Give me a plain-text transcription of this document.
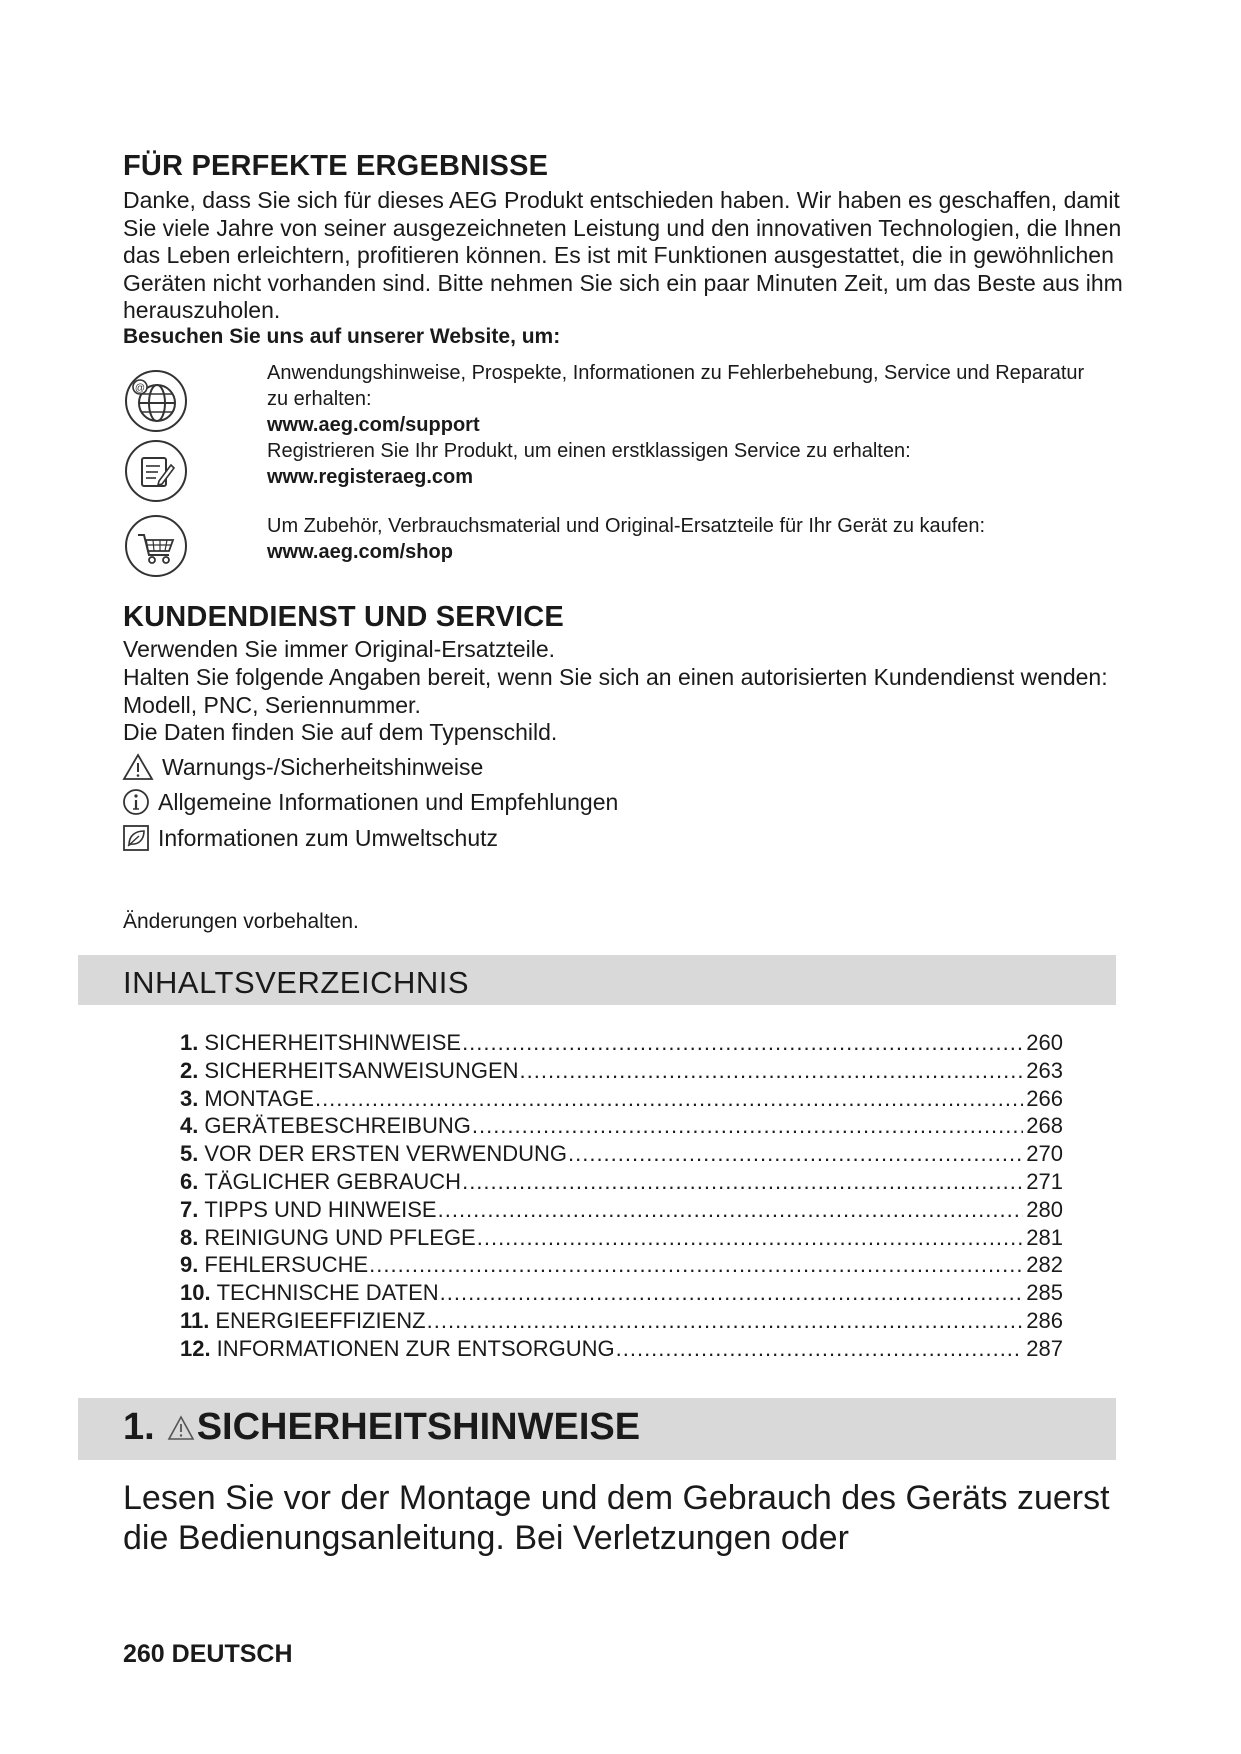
FÜR PERFEKTE ERGEBNISSE

Danke, dass Sie sich für dieses AEG Produkt entschieden haben. Wir haben es geschaffen, damit Sie viele Jahre von seiner ausgezeichneten Leistung und den innovativen Technologien, die Ihnen das Leben erleichtern, profitieren können. Es ist mit Funktionen ausgestattet, die in gewöhnlichen Geräten nicht vorhanden sind. Bitte nehmen Sie sich ein paar Minuten Zeit, um das Beste aus ihm herauszuholen.

Besuchen Sie uns auf unserer Website, um:

@
Anwendungshinweise, Prospekte, Informationen zu Fehlerbehebung, Service und Reparatur zu erhalten:
www.aeg.com/support
Registrieren Sie Ihr Produkt, um einen erstklassigen Service zu erhalten:
www.registeraeg.com
Um Zubehör, Verbrauchsmaterial und Original-Ersatzteile für Ihr Gerät zu kaufen:
www.aeg.com/shop
KUNDENDIENST UND SERVICE

Verwenden Sie immer Original-Ersatzteile.

Halten Sie folgende Angaben bereit, wenn Sie sich an einen autorisierten Kundendienst wenden: Modell, PNC, Seriennummer.

Die Daten finden Sie auf dem Typenschild.

Warnungs-/Sicherheitshinweise
Allgemeine Informationen und Empfehlungen
Informationen zum Umweltschutz
Änderungen vorbehalten.
INHALTSVERZEICHNIS
1. SICHERHEITSHINWEISE .....	260
2. SICHERHEITSANWEISUNGEN .....	263
3. MONTAGE .....	266
4. GERÄTEBESCHREIBUNG .....	268
5. VOR DER ERSTEN VERWENDUNG .....	270
6. TÄGLICHER GEBRAUCH .....	271
7. TIPPS UND HINWEISE .....	280
8. REINIGUNG UND PFLEGE .....	281
9. FEHLERSUCHE .....	282
10. TECHNISCHE DATEN .....	285
11. ENERGIEEFFIZIENZ .....	286
12. INFORMATIONEN ZUR ENTSORGUNG .....	287
1. SICHERHEITSHINWEISE

Lesen Sie vor der Montage und dem Gebrauch des Geräts zuerst die Bedienungsanleitung. Bei Verletzungen oder

260 DEUTSCH
